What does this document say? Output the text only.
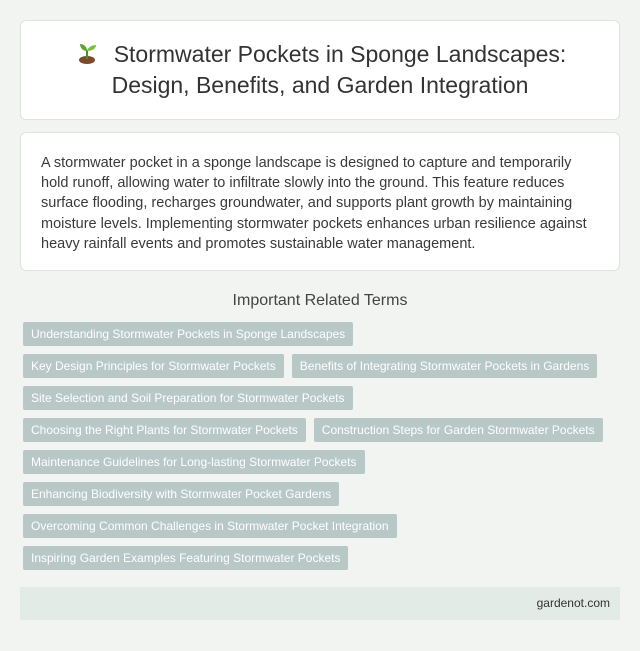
Stormwater Pockets in Sponge Landscapes: Design, Benefits, and Garden Integration

A stormwater pocket in a sponge landscape is designed to capture and temporarily hold runoff, allowing water to infiltrate slowly into the ground. This feature reduces surface flooding, recharges groundwater, and supports plant growth by maintaining moisture levels. Implementing stormwater pockets enhances urban resilience against heavy rainfall events and promotes sustainable water management.

Important Related Terms
Understanding Stormwater Pockets in Sponge Landscapes
Key Design Principles for Stormwater Pockets	Benefits of Integrating Stormwater Pockets in Gardens
Site Selection and Soil Preparation for Stormwater Pockets
Choosing the Right Plants for Stormwater Pockets	Construction Steps for Garden Stormwater Pockets
Maintenance Guidelines for Long-lasting Stormwater Pockets
Enhancing Biodiversity with Stormwater Pocket Gardens
Overcoming Common Challenges in Stormwater Pocket Integration
Inspiring Garden Examples Featuring Stormwater Pockets
gardenot.com
